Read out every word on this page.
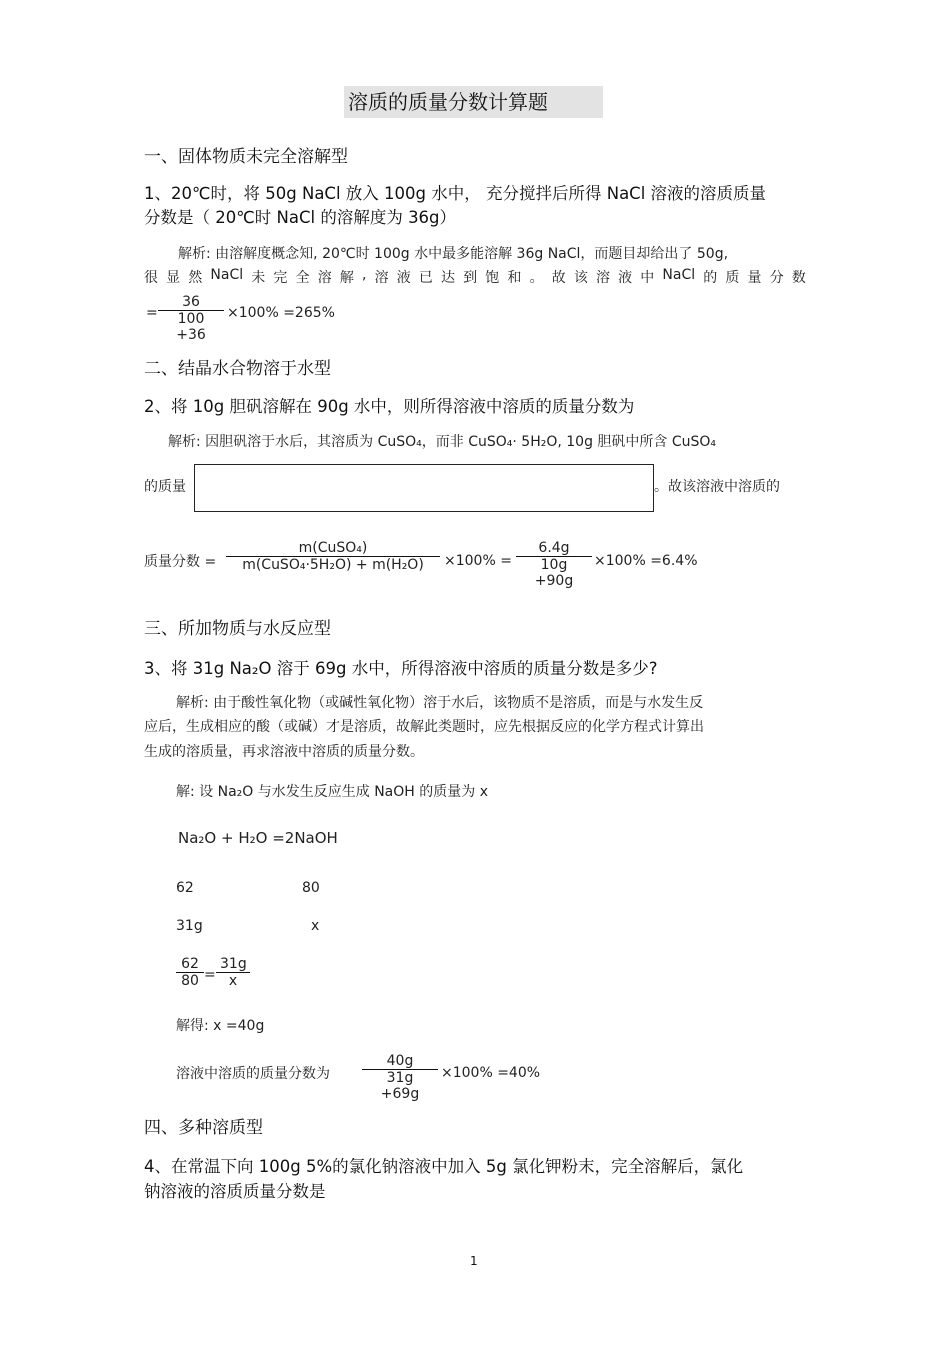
溶质的质量分数计算题
一、固体物质未完全溶解型
1、20℃时，将 50g NaCl 放入 100g 水中， 充分搅拌后所得 NaCl 溶液的溶质质量
分数是（ 20℃时 NaCl 的溶解度为 36g）
解析: 由溶解度概念知, 20℃时 100g 水中最多能溶解 36g NaCl，而题目却给出了 50g,
很 显 然 NaCl 未 完 全 溶 解 , 溶 液 已 达 到 饱 和 。 故 该 溶 液 中 NaCl 的 质 量 分 数
=
36
100 +36
×100% =265%
二、结晶水合物溶于水型
2、将 10g 胆矾溶解在 90g 水中，则所得溶液中溶质的质量分数为
解析: 因胆矾溶于水后，其溶质为 CuSO₄，而非 CuSO₄· 5H₂O, 10g 胆矾中所含 CuSO₄
的质量	。故该溶液中溶质的
质量分数 =
m(CuSO₄)
m(CuSO₄·5H₂O) + m(H₂O)	×100% =
6.4g
10g +90g
×100% =6.4%
三、所加物质与水反应型
3、将 31g Na₂O 溶于 69g 水中，所得溶液中溶质的质量分数是多少?
解析: 由于酸性氧化物（或碱性氧化物）溶于水后，该物质不是溶质，而是与水发生反
应后，生成相应的酸（或碱）才是溶质，故解此类题时，应先根据反应的化学方程式计算出
生成的溶质量，再求溶液中溶质的质量分数。
解: 设 Na₂O 与水发生反应生成 NaOH 的质量为 x
Na₂O + H₂O =2NaOH
62	80
31g	x
62
80 =
31g
x
解得: x =40g
溶液中溶质的质量分数为
40g
31g +69g
×100% =40%
四、多种溶质型
4、在常温下向 100g 5%的氯化钠溶液中加入 5g 氯化钾粉末，完全溶解后，氯化
钠溶液的溶质质量分数是
1
